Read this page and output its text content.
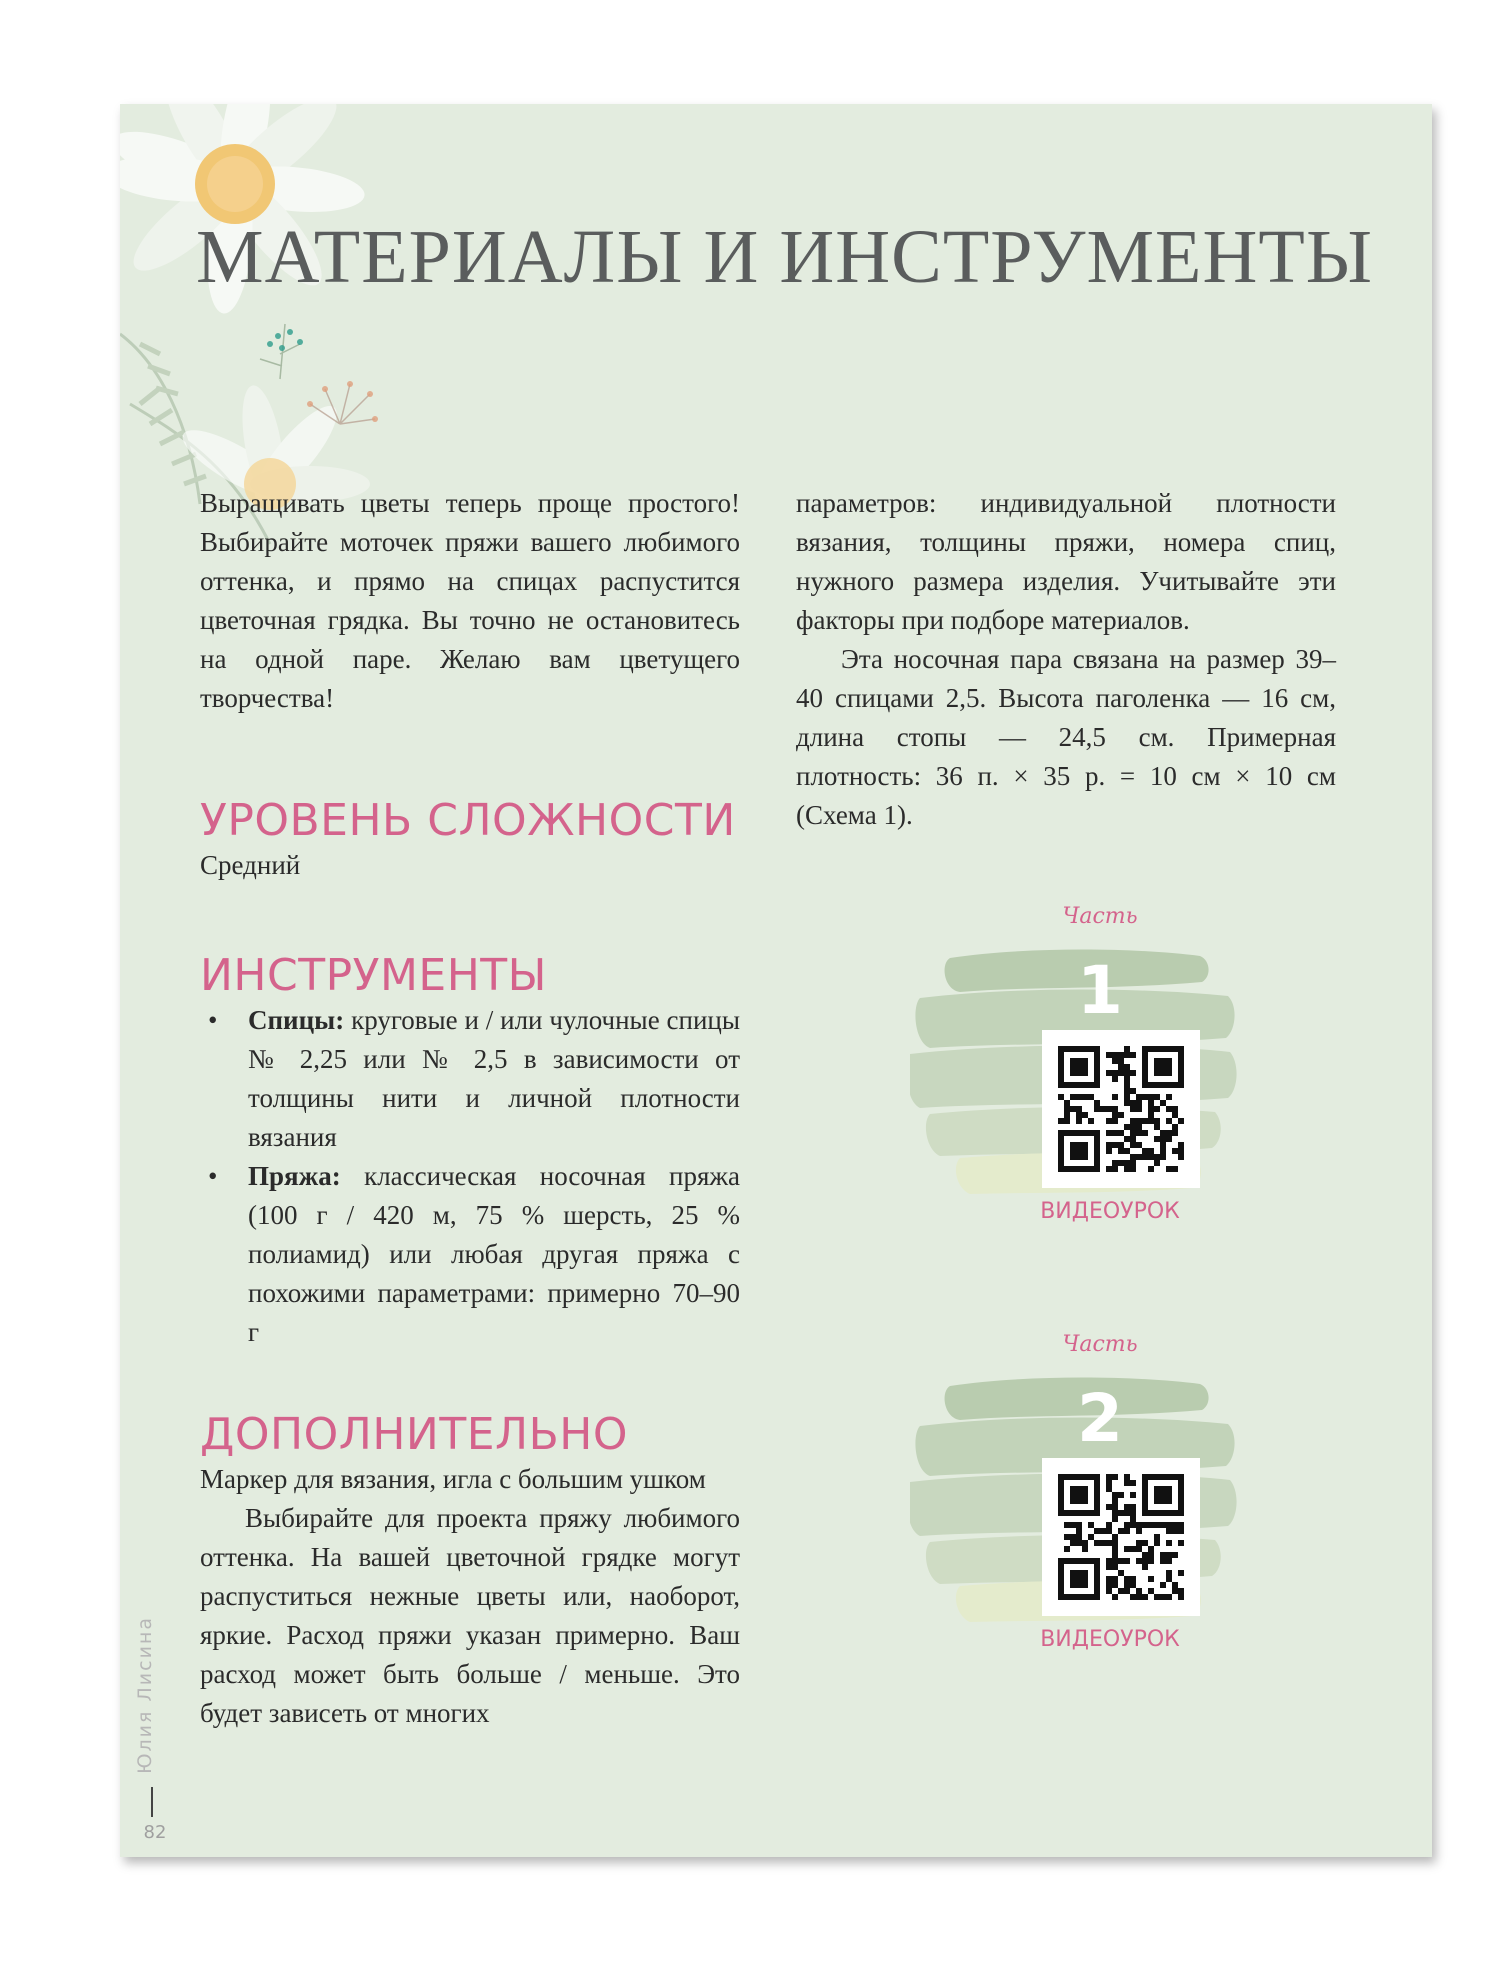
МАТЕРИАЛЫ И ИНСТРУМЕНТЫ

Выращивать цветы теперь проще простого! Выбирайте моточек пряжи вашего любимого оттенка, и прямо на спицах распустится цветочная грядка. Вы точно не остановитесь на одной паре. Желаю вам цветущего творчества!

УРОВЕНЬ СЛОЖНОСТИ

Средний

ИНСТРУМЕНТЫ
• Спицы: круговые и / или чулочные спицы № 2,25 или № 2,5 в зависимости от толщины нити и личной плотности вязания
• Пряжа: классическая носочная пряжа (100 г / 420 м, 75 % шерсть, 25 % полиамид) или любая другая пряжа с похожими параметрами: примерно 70–90 г
ДОПОЛНИТЕЛЬНО

Маркер для вязания, игла с большим ушком

Выбирайте для проекта пряжу любимого оттенка. На вашей цветочной грядке могут распуститься нежные цветы или, наоборот, яркие. Расход пряжи указан примерно. Ваш расход может быть больше / меньше. Это будет зависеть от многих

параметров: индивидуальной плотности вязания, толщины пряжи, номера спиц, нужного размера изделия. Учитывайте эти факторы при подборе материалов.

Эта носочная пара связана на размер 39–40 спицами 2,5. Высота паголенка — 16 см, длина стопы — 24,5 см. Примерная плотность: 36 п. × 35 р. = 10 см × 10 см (Схема 1).

Часть
1
ВИДЕОУРОК
Часть
2
ВИДЕОУРОК
Юлия Лисина
82
